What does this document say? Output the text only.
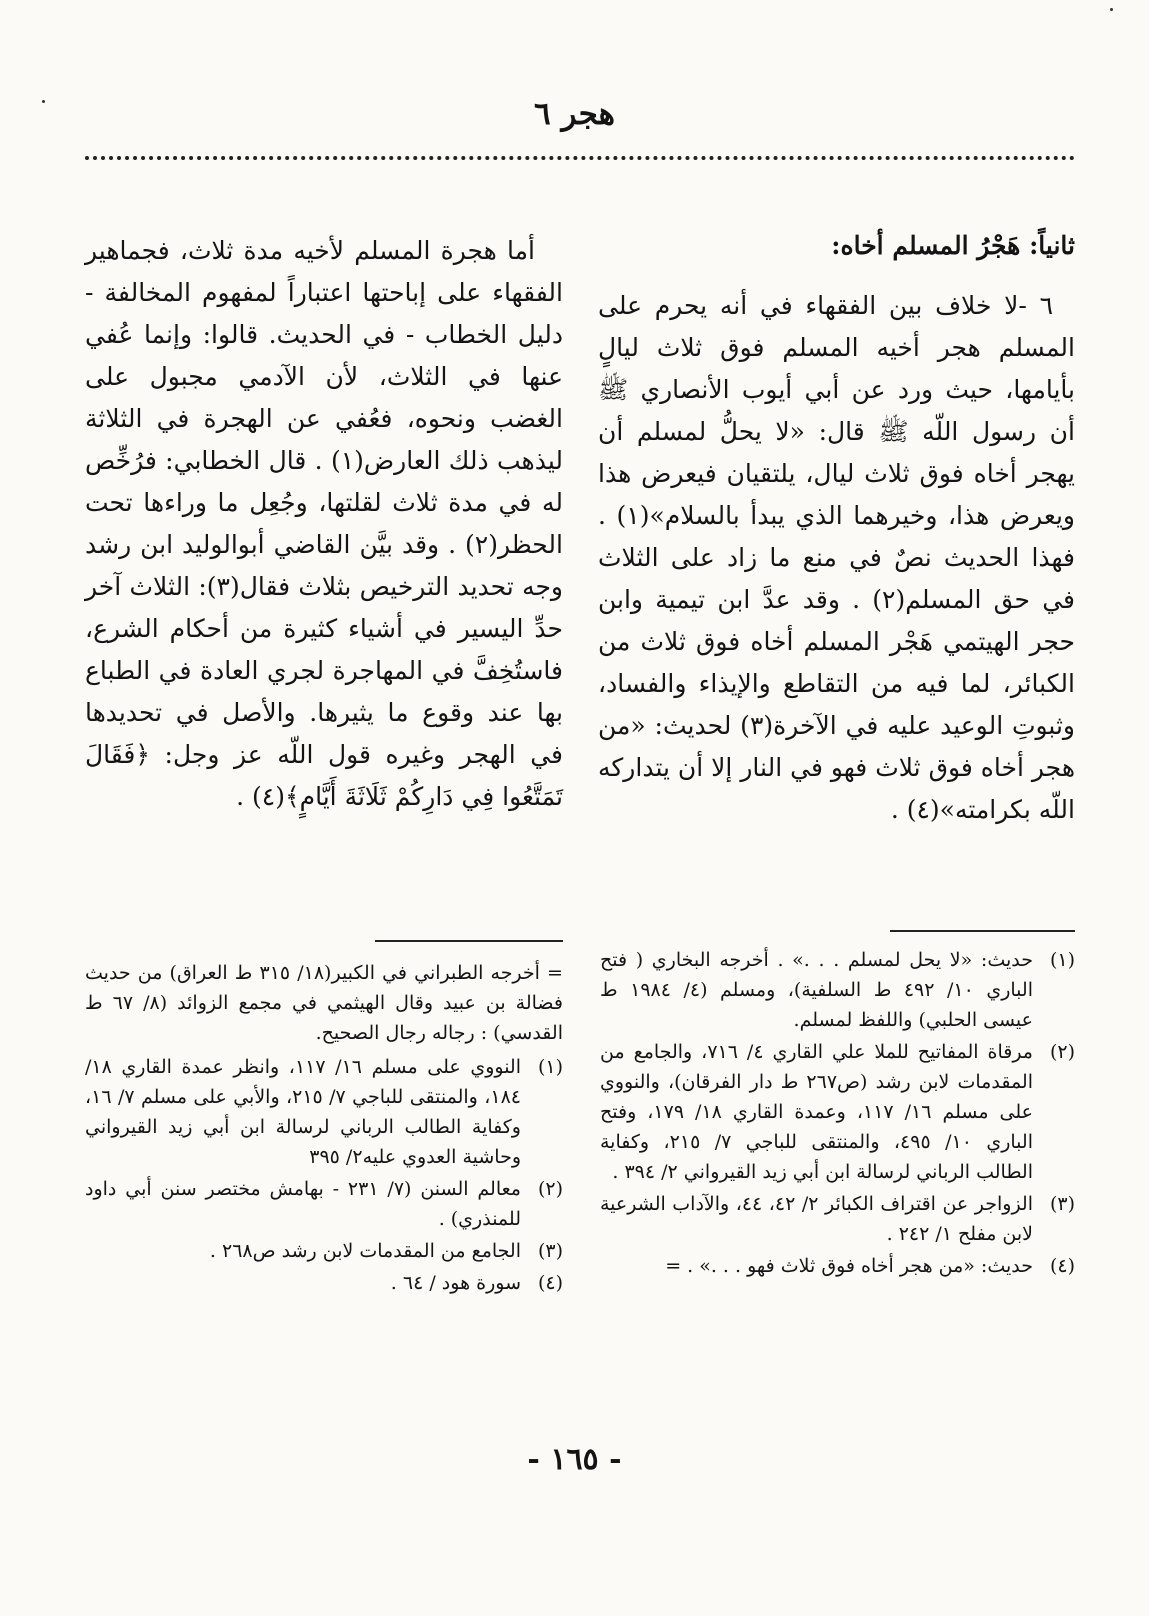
هجر ٦

ثانياً: هَجْرُ المسلم أخاه:

٦ -لا خلاف بين الفقهاء في أنه يحرم على المسلم هجر أخيه المسلم فوق ثلاث ليالٍ بأيامها، حيث ورد عن أبي أيوب الأنصاري ﷺ أن رسول اللّه ﷺ قال: «لا يحلُّ لمسلم أن يهجر أخاه فوق ثلاث ليال، يلتقيان فيعرض هذا ويعرض هذا، وخيرهما الذي يبدأ بالسلام»(١) . فهذا الحديث نصٌ في منع ما زاد على الثلاث في حق المسلم(٢) . وقد عدَّ ابن تيمية وابن حجر الهيتمي هَجْر المسلم أخاه فوق ثلاث من الكبائر، لما فيه من التقاطع والإيذاء والفساد، وثبوتِ الوعيد عليه في الآخرة(٣) لحديث: «من هجر أخاه فوق ثلاث فهو في النار إلا أن يتداركه اللّه بكرامته»(٤) .

أما هجرة المسلم لأخيه مدة ثلاث، فجماهير الفقهاء على إباحتها اعتباراً لمفهوم المخالفة - دليل الخطاب - في الحديث. قالوا: وإنما عُفي عنها في الثلاث، لأن الآدمي مجبول على الغضب ونحوه، فعُفي عن الهجرة في الثلاثة ليذهب ذلك العارض(١) . قال الخطابي: فرُخِّص له في مدة ثلاث لقلتها، وجُعِل ما وراءها تحت الحظر(٢) . وقد بيَّن القاضي أبوالوليد ابن رشد وجه تحديد الترخيص بثلاث فقال(٣): الثلاث آخر حدِّ اليسير في أشياء كثيرة من أحكام الشرع، فاستُخِفَّ في المهاجرة لجري العادة في الطباع بها عند وقوع ما يثيرها. والأصل في تحديدها في الهجر وغيره قول اللّه عز وجل: ﴿فَقَالَ تَمَتَّعُوا فِي دَارِكُمْ ثَلَاثَةَ أَيَّامٍ﴾(٤) .

(١)
حديث: «لا يحل لمسلم . . .» . أخرجه البخاري ( فتح الباري ١٠/ ٤٩٢ ط السلفية)، ومسلم (٤/ ١٩٨٤ ط عيسى الحلبي) واللفظ لمسلم.
(٢)
مرقاة المفاتيح للملا علي القاري ٤/ ٧١٦، والجامع من المقدمات لابن رشد (ص٢٦٧ ط دار الفرقان)، والنووي على مسلم ١٦/ ١١٧، وعمدة القاري ١٨/ ١٧٩، وفتح الباري ١٠/ ٤٩٥، والمنتقى للباجي ٧/ ٢١٥، وكفاية الطالب الرباني لرسالة ابن أبي زيد القيرواني ٢/ ٣٩٤ .
(٣)
الزواجر عن اقتراف الكبائر ٢/ ٤٢، ٤٤، والآداب الشرعية لابن مفلح ١/ ٢٤٢ .
(٤)
حديث: «من هجر أخاه فوق ثلاث فهو . . .» . =
= أخرجه الطبراني في الكبير(١٨/ ٣١٥ ط العراق) من حديث فضالة بن عبيد وقال الهيثمي في مجمع الزوائد (٨/ ٦٧ ط القدسي) : رجاله رجال الصحيح.
(١)
النووي على مسلم ١٦/ ١١٧، وانظر عمدة القاري ١٨/ ١٨٤، والمنتقى للباجي ٧/ ٢١٥، والأبي على مسلم ٧/ ١٦، وكفاية الطالب الرباني لرسالة ابن أبي زيد القيرواني وحاشية العدوي عليه٢/ ٣٩٥
(٢)
معالم السنن (٧/ ٢٣١ - بهامش مختصر سنن أبي داود للمنذري) .
(٣)
الجامع من المقدمات لابن رشد ص٢٦٨ .
(٤)
سورة هود / ٦٤ .
- ١٦٥ -
